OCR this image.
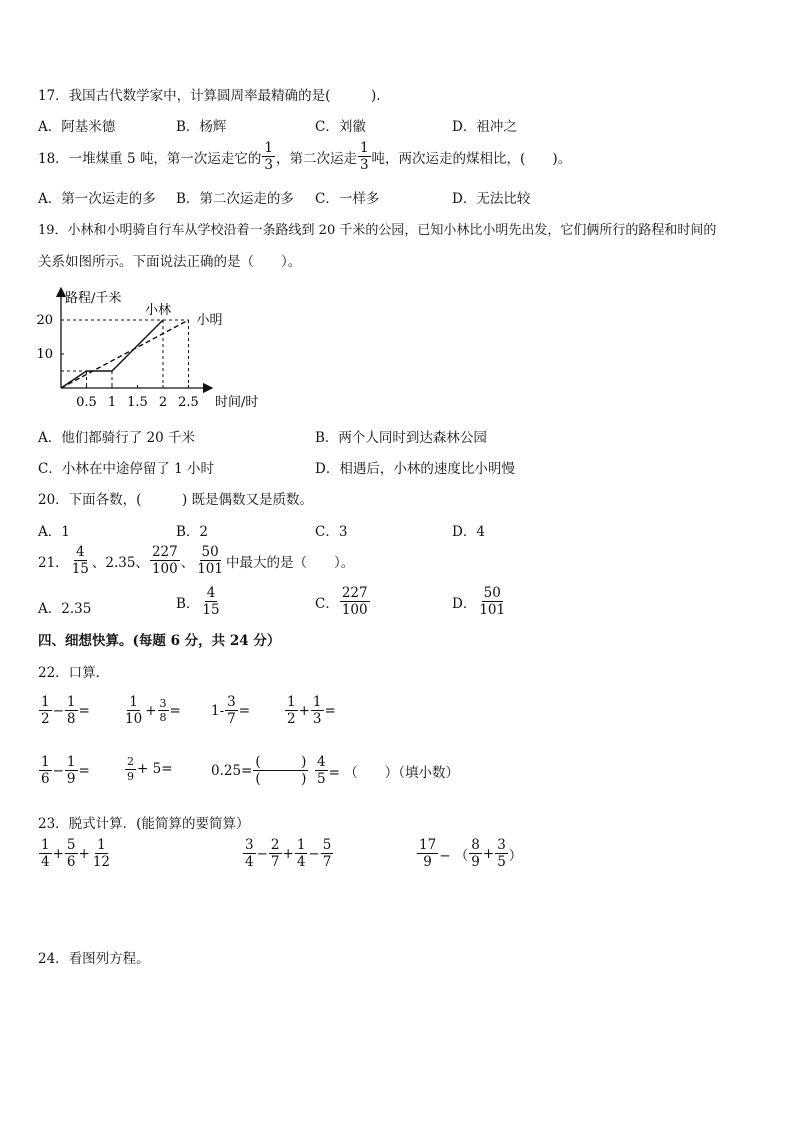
17．我国古代数学家中，计算圆周率最精确的是(　　　).
A．阿基米德	B．杨辉	C．刘徽	D．祖冲之
18．一堆煤重 5 吨，第一次运走它的 $\frac{1}{3}$ ，第二次运走 $\frac{1}{3}$ 吨，两次运走的煤相比，(　　)。
A．第一次运走的多 B．第二次运走的多 C．一样多	D．无法比较
19．小林和小明骑自行车从学校沿着一条路线到 20 千米的公园，已知小林比小明先出发，它们俩所行的路程和时间的
关系如图所示。下面说法正确的是（　　）。
路程/千米
时间/时
小林
小明
0.5 1 1.5 2 2.5
10
20
A．他们都骑行了 20 千米	B．两个人同时到达森林公园
C．小林在中途停留了 1 小时	D．相遇后，小林的速度比小明慢
20．下面各数，(　　　) 既是偶数又是质数。
A．1	B．2	C．3	D．4
21． $\frac{4}{15}$ 、2.35、 $\frac{227}{100}$ 、 $\frac{50}{101}$ 中最大的是（　　）。
A．2.35	B． $\frac{4}{15}$	C． $\frac{227}{100}$	D． $\frac{50}{101}$
四、细想快算。(每题 6 分，共 24 分）
22．口算．
$\frac{1}{2} - \frac{1}{8} = \frac{1}{10} + \frac{3}{8} = 1- \frac{3}{7}$ =	$\frac{1}{2} + \frac{1}{3}$ =
$\frac{1}{6} - \frac{1}{9}$ =	$\frac{2}{9} + 5=$	$0.25= \frac{( )}{( )} \frac{4}{5}$ = （　　）（填小数）
23．脱式计算．(能简算的要简算）
$\frac{1}{4} + \frac{5}{6} + \frac{1}{12}$	$\frac{3}{4} - \frac{2}{7} + \frac{1}{4} - \frac{5}{7}$	$\frac{17}{9}$ − （ $\frac{8}{9} + \frac{3}{5}$ ）
24．看图列方程。
